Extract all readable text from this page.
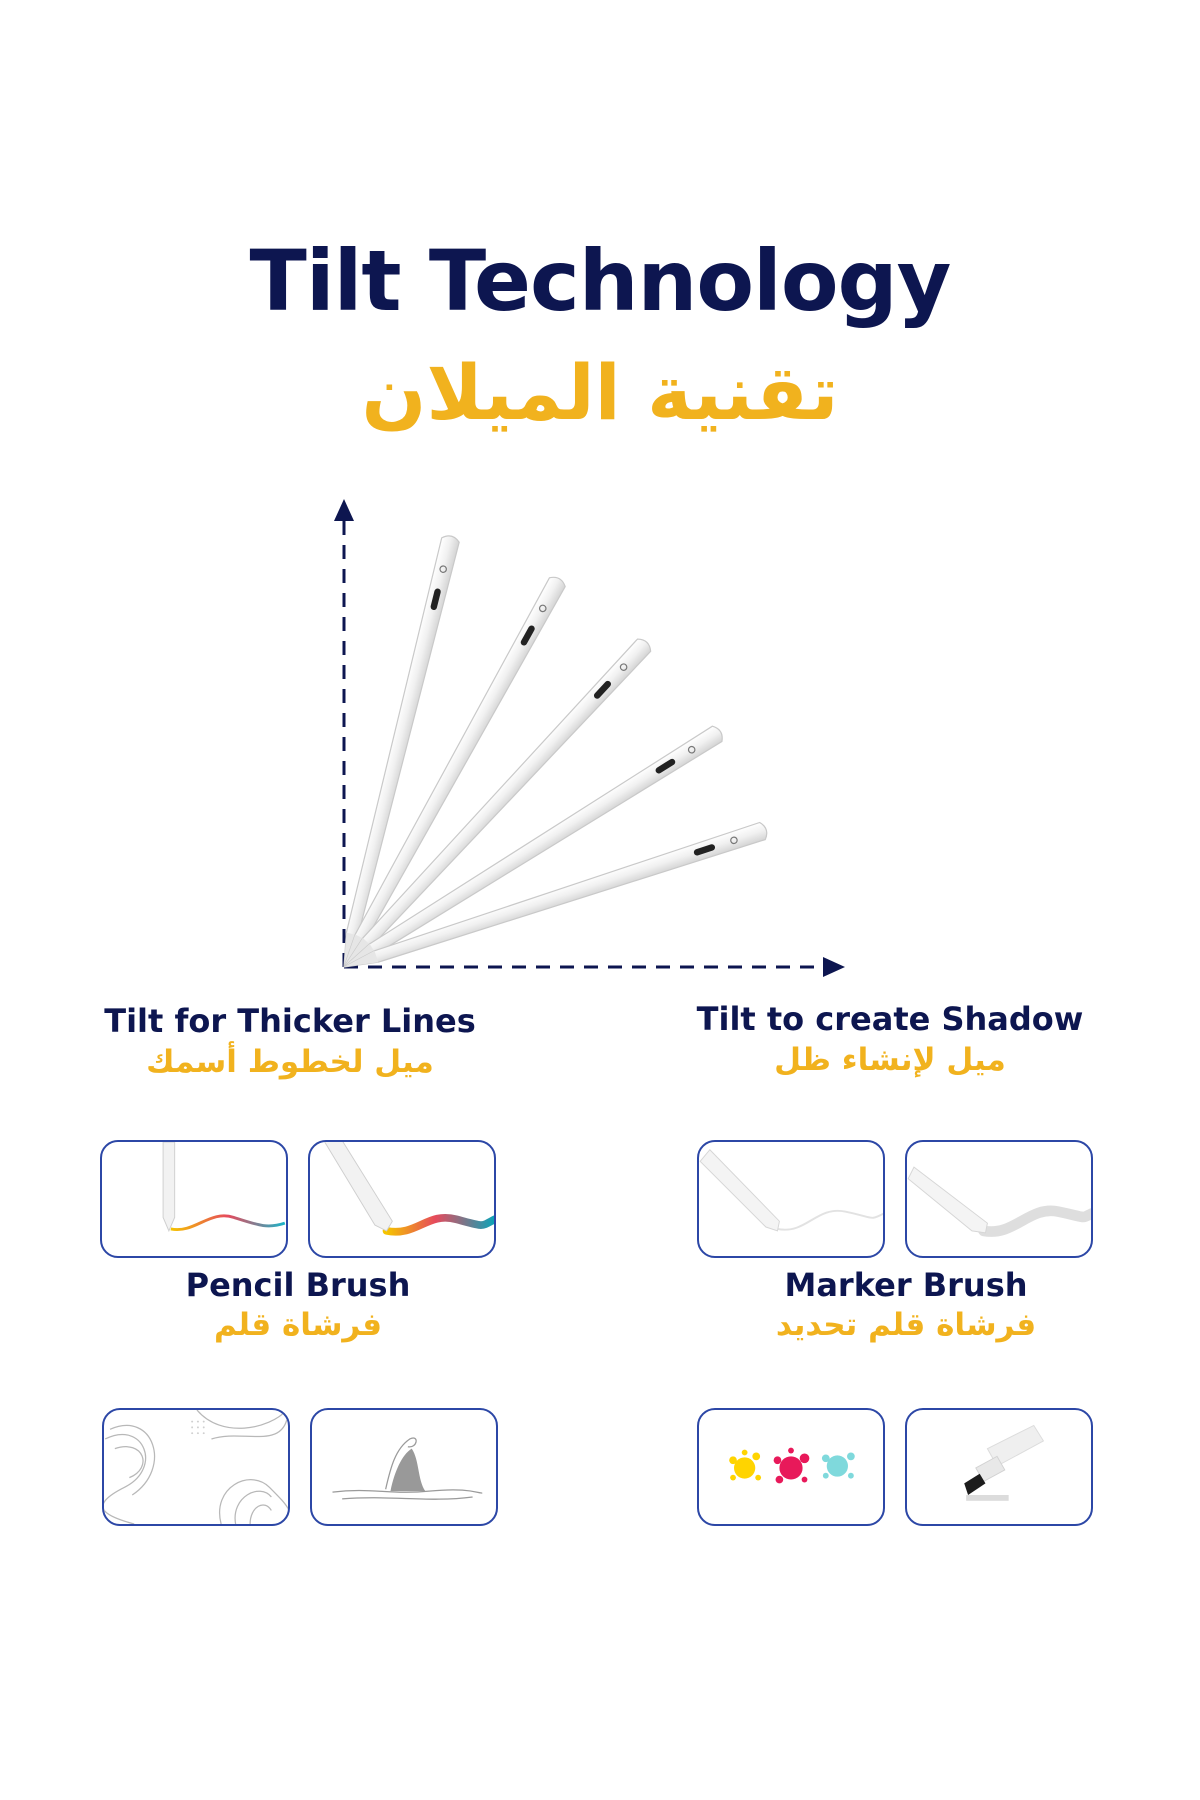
Tilt Technology
تقنية الميلان
Tilt for Thicker Lines
ميل لخطوط أسمك
Tilt to create Shadow
ميل لإنشاء ظل
Pencil Brush
فرشاة قلم
Marker Brush
فرشاة قلم تحديد
